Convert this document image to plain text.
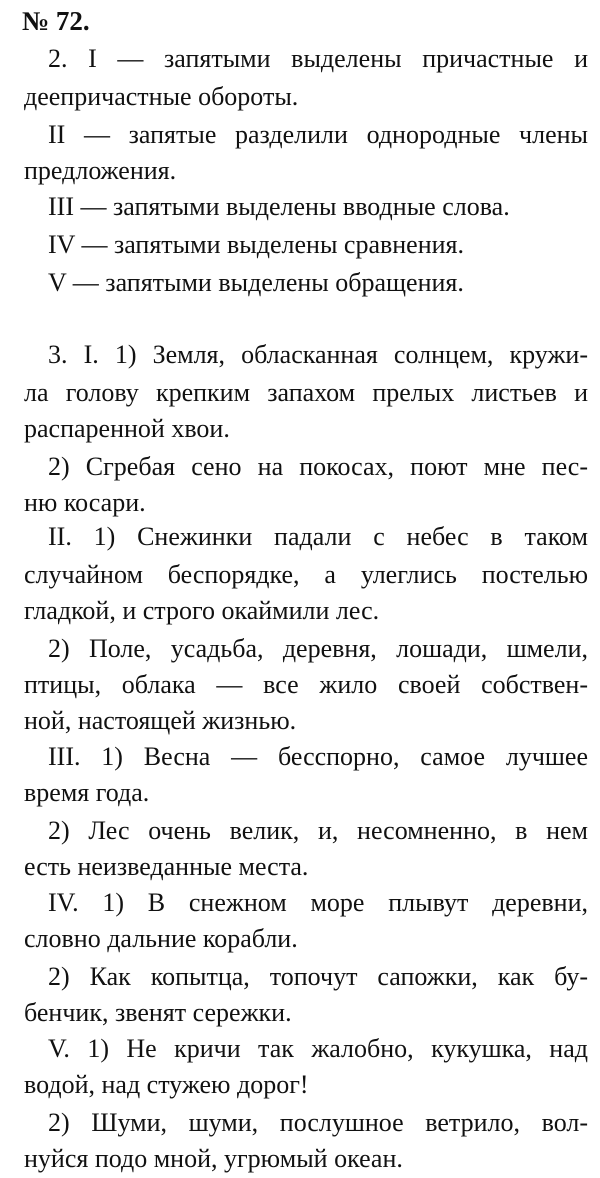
№ 72.
2. I — запятыми выделены причастные и
деепричастные обороты.
II — запятые разделили однородные члены
предложения.
III — запятыми выделены вводные слова.
IV — запятыми выделены сравнения.
V — запятыми выделены обращения.
3. I. 1) Земля, обласканная солнцем, кружи-
ла голову крепким запахом прелых листьев и
распаренной хвои.
2) Сгребая сено на покосах, поют мне пес-
ню косари.
II. 1) Снежинки падали с небес в таком
случайном беспорядке, а улеглись постелью
гладкой, и строго окаймили лес.
2) Поле, усадьба, деревня, лошади, шмели,
птицы, облака — все жило своей собствен-
ной, настоящей жизнью.
III. 1) Весна — бесспорно, самое лучшее
время года.
2) Лес очень велик, и, несомненно, в нем
есть неизведанные места.
IV. 1) В снежном море плывут деревни,
словно дальние корабли.
2) Как копытца, топочут сапожки, как бу-
бенчик, звенят сережки.
V. 1) Не кричи так жалобно, кукушка, над
водой, над стужею дорог!
2) Шуми, шуми, послушное ветрило, вол-
нуйся подо мной, угрюмый океан.
